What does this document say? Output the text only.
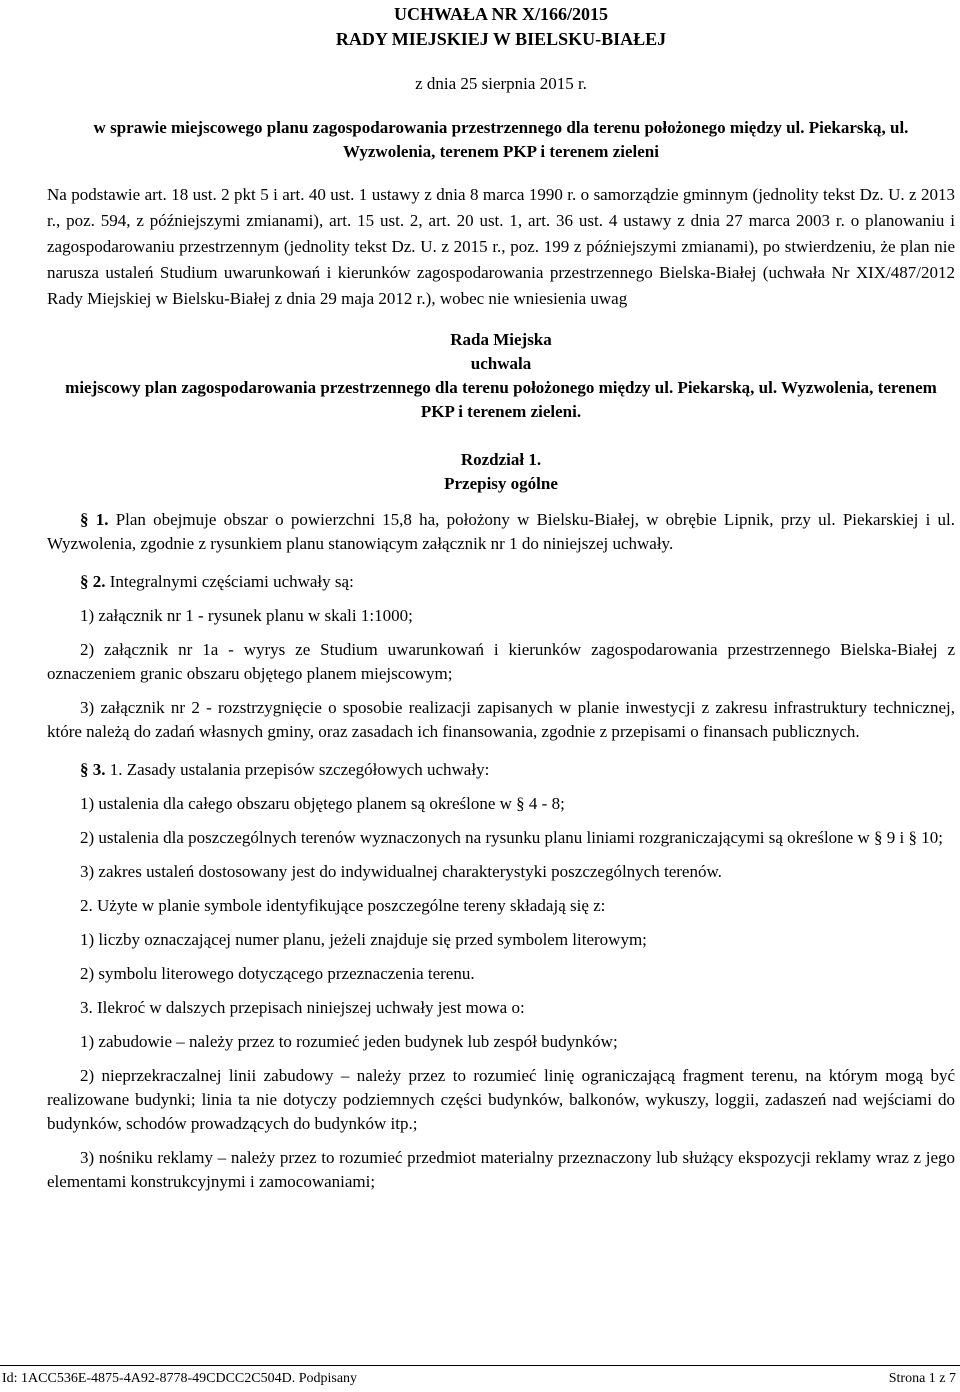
UCHWAŁA NR X/166/2015
RADY MIEJSKIEJ W BIELSKU-BIAŁEJ
z dnia 25 sierpnia 2015 r.
w sprawie miejscowego planu zagospodarowania przestrzennego dla terenu położonego między ul. Piekarską, ul. Wyzwolenia, terenem PKP i terenem zieleni
Na podstawie art. 18 ust. 2 pkt 5 i art. 40 ust. 1 ustawy z dnia 8 marca 1990 r. o samorządzie gminnym (jednolity tekst Dz. U. z 2013 r., poz. 594, z późniejszymi zmianami), art. 15 ust. 2, art. 20 ust. 1, art. 36 ust. 4 ustawy z dnia 27 marca 2003 r. o planowaniu i zagospodarowaniu przestrzennym (jednolity tekst Dz. U. z 2015 r., poz. 199 z późniejszymi zmianami), po stwierdzeniu, że plan nie narusza ustaleń Studium uwarunkowań i kierunków zagospodarowania przestrzennego Bielska-Białej (uchwała Nr XIX/487/2012 Rady Miejskiej w Bielsku-Białej z dnia 29 maja 2012 r.), wobec nie wniesienia uwag
Rada Miejska
uchwala
miejscowy plan zagospodarowania przestrzennego dla terenu położonego między ul. Piekarską, ul. Wyzwolenia, terenem PKP i terenem zieleni.
Rozdział 1.
Przepisy ogólne

§ 1. Plan obejmuje obszar o powierzchni 15,8 ha, położony w Bielsku-Białej, w obrębie Lipnik, przy ul. Piekarskiej i ul. Wyzwolenia, zgodnie z rysunkiem planu stanowiącym załącznik nr 1 do niniejszej uchwały.

§ 2. Integralnymi częściami uchwały są:

1) załącznik nr 1 - rysunek planu w skali 1:1000;

2) załącznik nr 1a - wyrys ze Studium uwarunkowań i kierunków zagospodarowania przestrzennego Bielska-Białej z oznaczeniem granic obszaru objętego planem miejscowym;

3) załącznik nr 2 - rozstrzygnięcie o sposobie realizacji zapisanych w planie inwestycji z zakresu infrastruktury technicznej, które należą do zadań własnych gminy, oraz zasadach ich finansowania, zgodnie z przepisami o finansach publicznych.

§ 3. 1. Zasady ustalania przepisów szczegółowych uchwały:

1) ustalenia dla całego obszaru objętego planem są określone w § 4 - 8;

2) ustalenia dla poszczególnych terenów wyznaczonych na rysunku planu liniami rozgraniczającymi są określone w § 9 i § 10;

3) zakres ustaleń dostosowany jest do indywidualnej charakterystyki poszczególnych terenów.

2. Użyte w planie symbole identyfikujące poszczególne tereny składają się z:

1) liczby oznaczającej numer planu, jeżeli znajduje się przed symbolem literowym;

2) symbolu literowego dotyczącego przeznaczenia terenu.

3. Ilekroć w dalszych przepisach niniejszej uchwały jest mowa o:

1) zabudowie – należy przez to rozumieć jeden budynek lub zespół budynków;

2) nieprzekraczalnej linii zabudowy – należy przez to rozumieć linię ograniczającą fragment terenu, na którym mogą być realizowane budynki; linia ta nie dotyczy podziemnych części budynków, balkonów, wykuszy, loggii, zadaszeń nad wejściami do budynków, schodów prowadzących do budynków itp.;

3) nośniku reklamy – należy przez to rozumieć przedmiot materialny przeznaczony lub służący ekspozycji reklamy wraz z jego elementami konstrukcyjnymi i zamocowaniami;

Id: 1ACC536E-4875-4A92-8778-49CDCC2C504D. Podpisany	Strona 1 z 7
